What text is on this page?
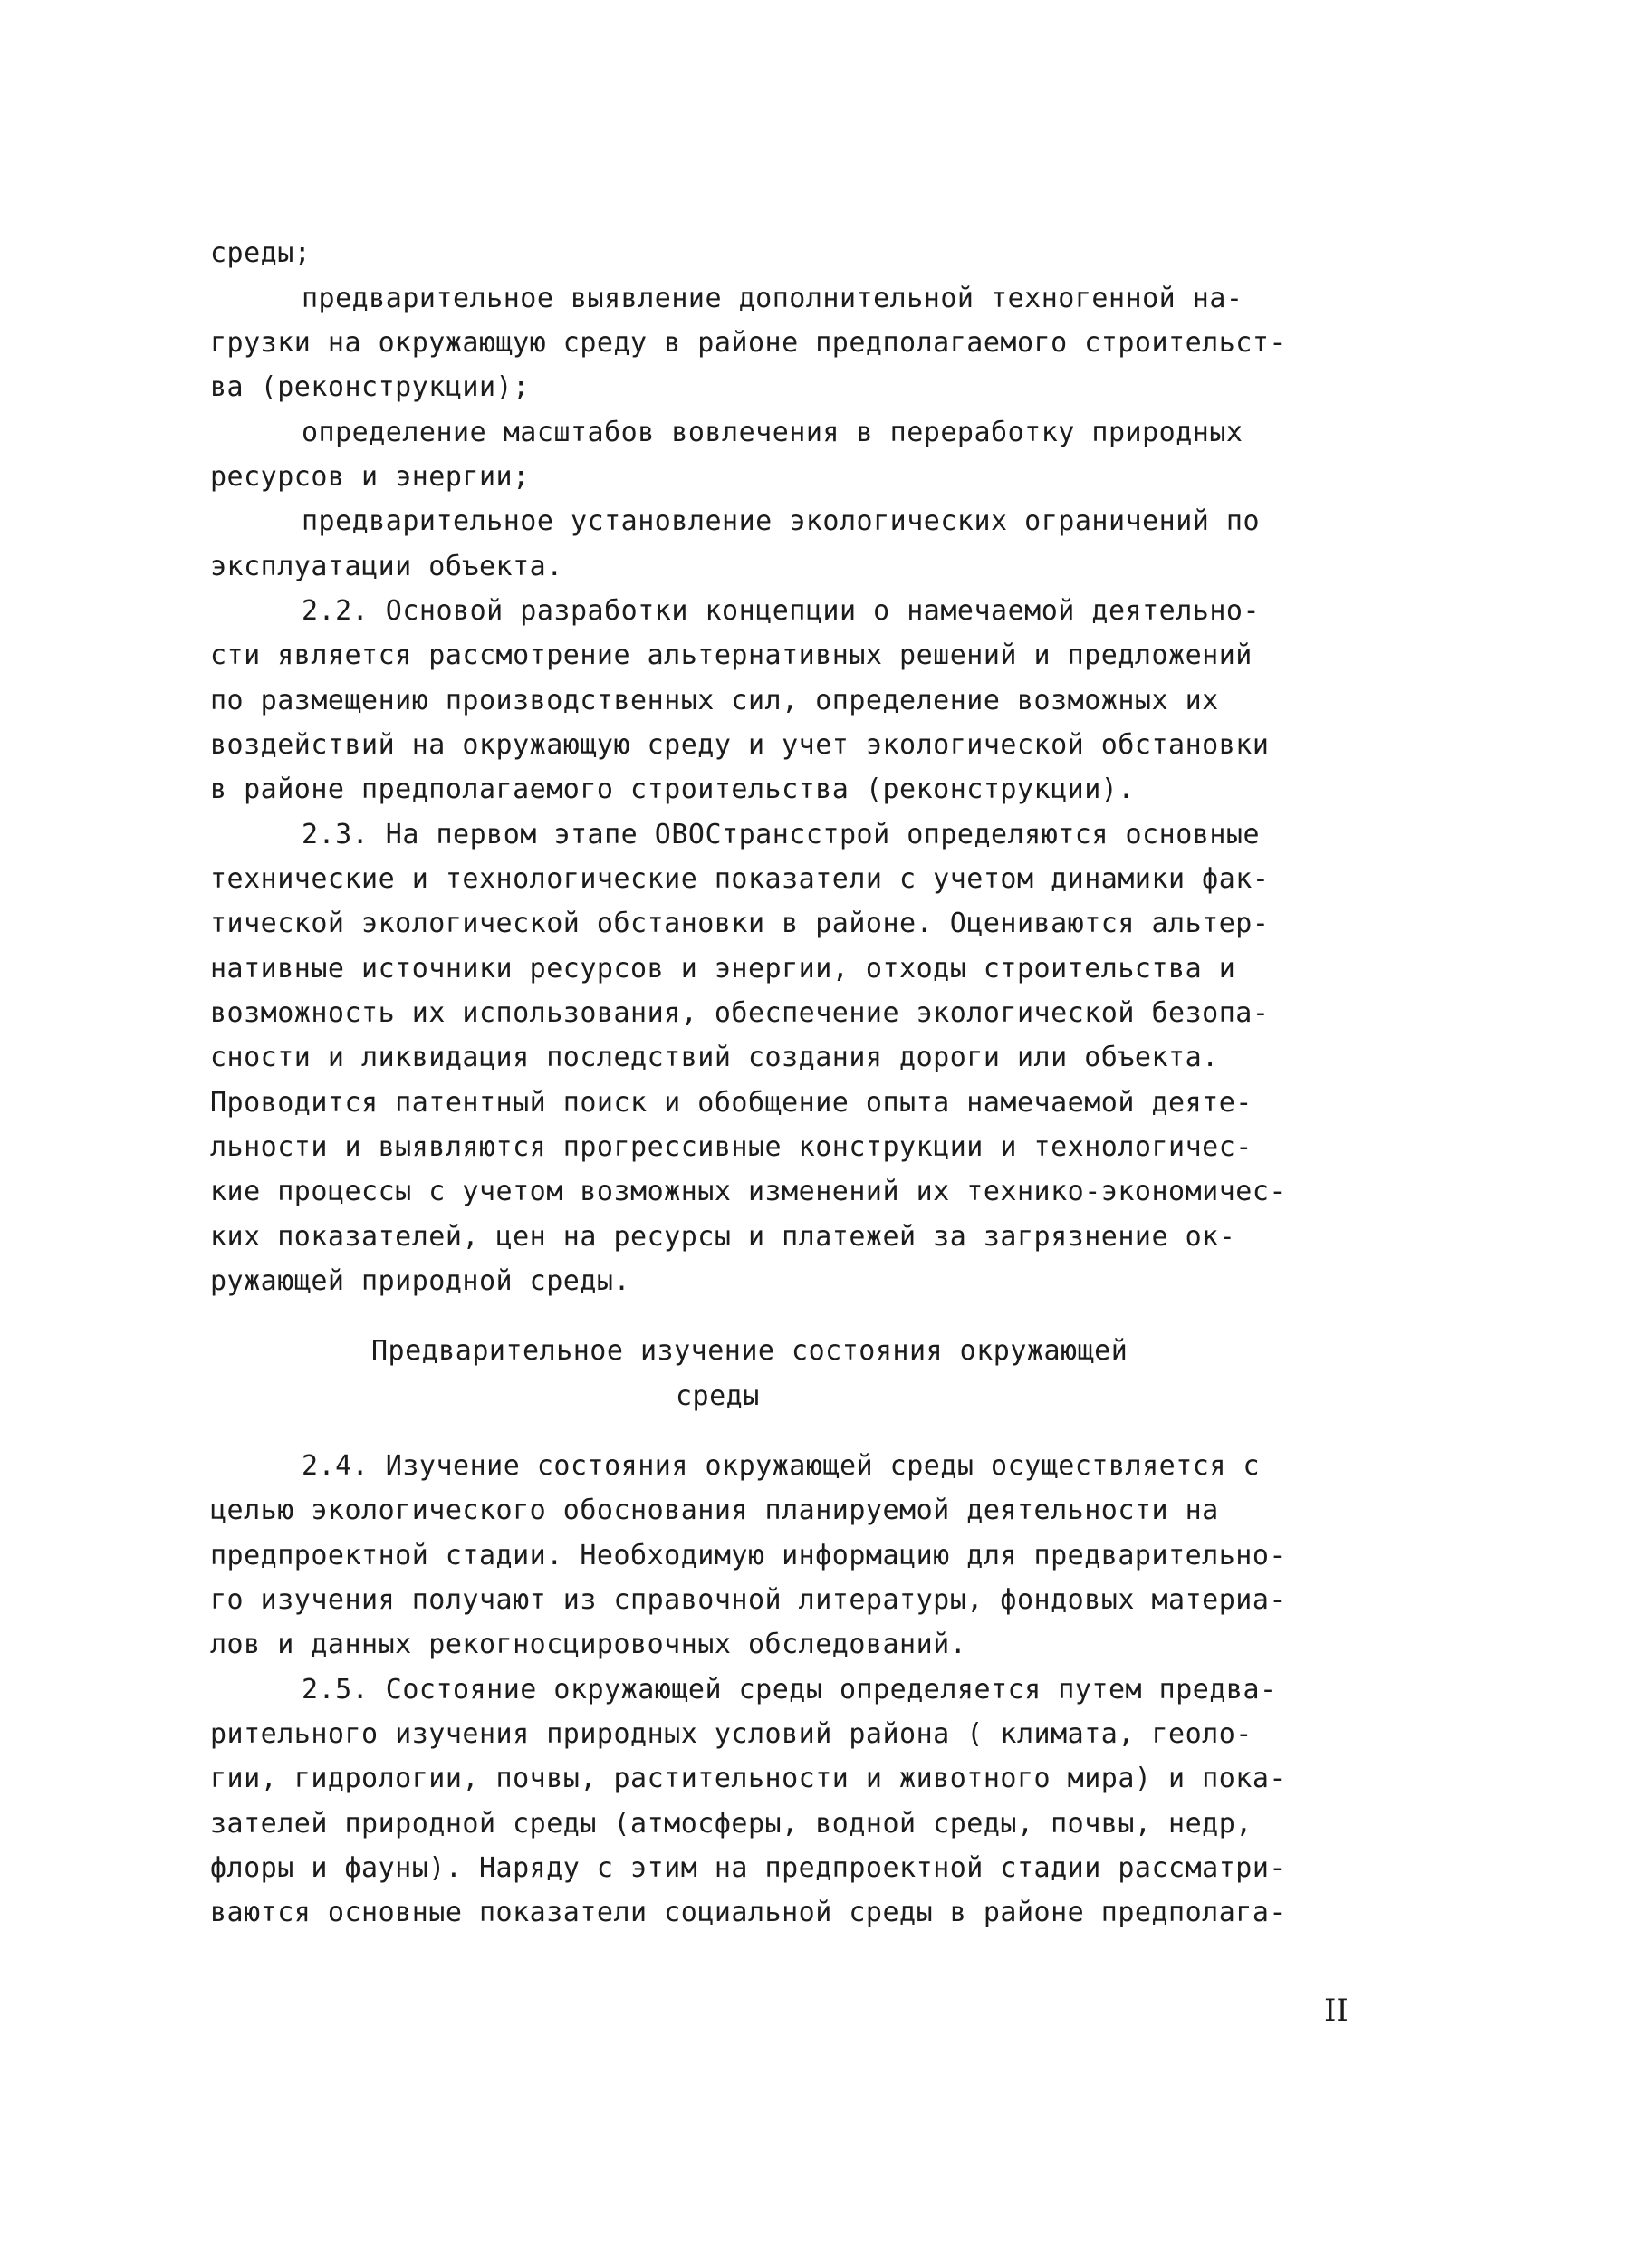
среды;
предварительное выявление дополнительной техногенной на-
грузки на окружающую среду в районе предполагаемого строительст-
ва (реконструкции);
определение масштабов вовлечения в переработку природных
ресурсов и энергии;
предварительное установление экологических ограничений по
эксплуатации объекта.
2.2. Основой разработки концепции о намечаемой деятельно-
сти является рассмотрение альтернативных решений и предложений
по размещению производственных сил, определение возможных их
воздействий на окружающую среду и учет экологической обстановки
в районе предполагаемого строительства (реконструкции).
2.3. На первом этапе ОВОСтрансстрой определяются основные
технические и технологические показатели с учетом динамики фак-
тической экологической обстановки в районе. Оцениваются альтер-
нативные источники ресурсов и энергии, отходы строительства и
возможность их использования, обеспечение экологической безопа-
сности и ликвидация последствий создания дороги или объекта.
Проводится патентный поиск и обобщение опыта намечаемой деяте-
льности и выявляются прогрессивные конструкции и технологичес-
кие процессы с учетом возможных изменений их технико-экономичес-
ких показателей, цен на ресурсы и платежей за загрязнение ок-
ружающей природной среды.
Предварительное изучение состояния окружающей
среды
2.4. Изучение состояния окружающей среды осуществляется с
целью экологического обоснования планируемой деятельности на
предпроектной стадии. Необходимую информацию для предварительно-
го изучения получают из справочной литературы, фондовых материа-
лов и данных рекогносцировочных обследований.
2.5. Состояние окружающей среды определяется путем предва-
рительного изучения природных условий района ( климата, геоло-
гии, гидрологии, почвы, растительности и животного мира) и пока-
зателей природной среды (атмосферы, водной среды, почвы, недр,
флоры и фауны). Наряду с этим на предпроектной стадии рассматри-
ваются основные показатели социальной среды в районе предполага-
II
